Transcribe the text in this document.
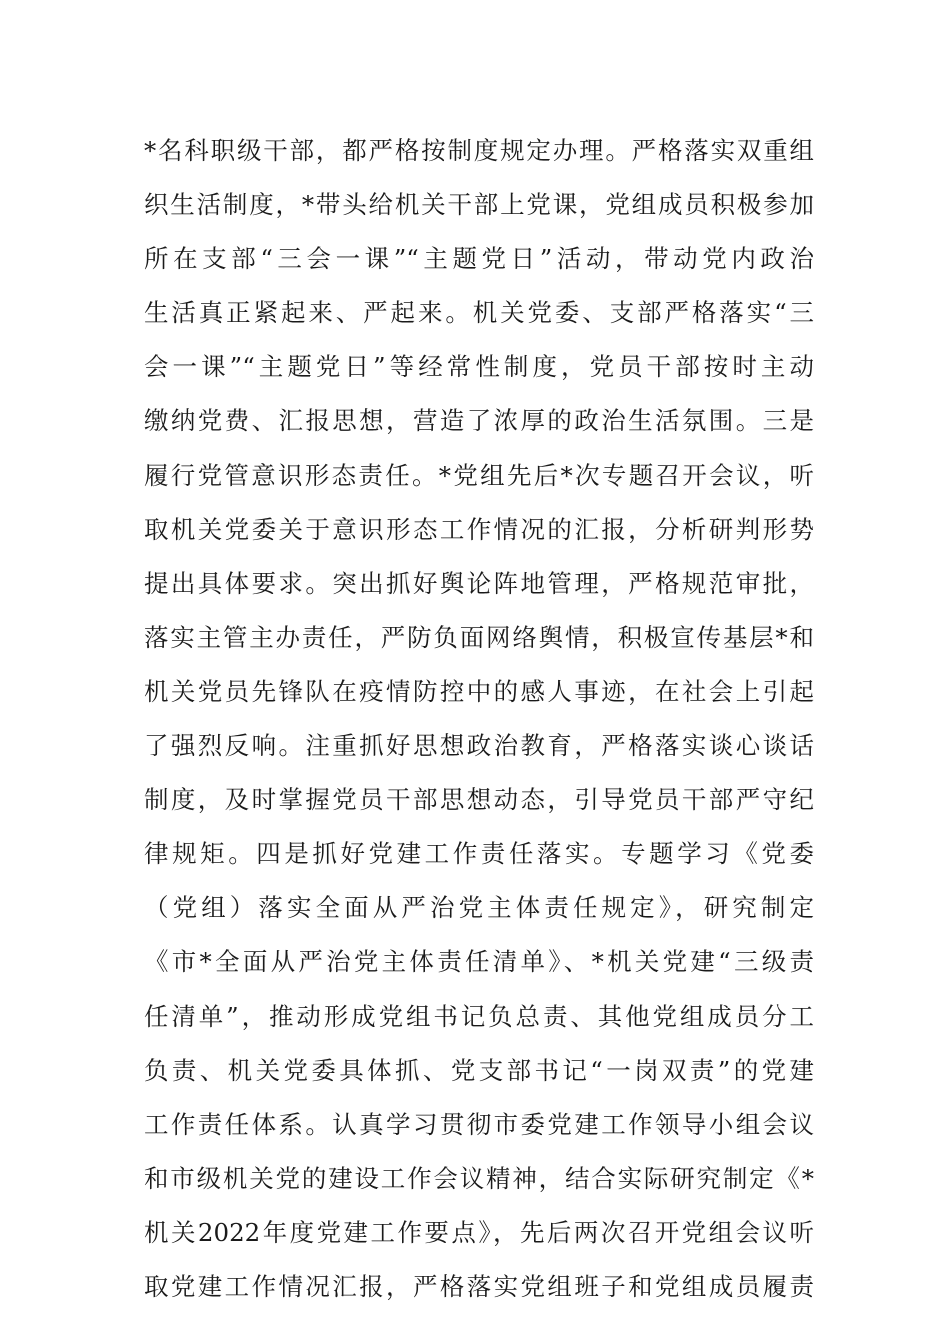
*名科职级干部，都严格按制度规定办理。严格落实双重组
织生活制度，*带头给机关干部上党课，党组成员积极参加
所在支部“三会一课”“主题党日”活动，带动党内政治
生活真正紧起来、严起来。机关党委、支部严格落实“三
会一课”“主题党日”等经常性制度，党员干部按时主动
缴纳党费、汇报思想，营造了浓厚的政治生活氛围。三是
履行党管意识形态责任。*党组先后*次专题召开会议，听
取机关党委关于意识形态工作情况的汇报，分析研判形势
提出具体要求。突出抓好舆论阵地管理，严格规范审批，
落实主管主办责任，严防负面网络舆情，积极宣传基层*和
机关党员先锋队在疫情防控中的感人事迹，在社会上引起
了强烈反响。注重抓好思想政治教育，严格落实谈心谈话
制度，及时掌握党员干部思想动态，引导党员干部严守纪
律规矩。四是抓好党建工作责任落实。专题学习《党委
（党组）落实全面从严治党主体责任规定》，研究制定
《市*全面从严治党主体责任清单》、*机关党建“三级责
任清单”，推动形成党组书记负总责、其他党组成员分工
负责、机关党委具体抓、党支部书记“一岗双责”的党建
工作责任体系。认真学习贯彻市委党建工作领导小组会议
和市级机关党的建设工作会议精神，结合实际研究制定《*
机关2022年度党建工作要点》，先后两次召开党组会议听
取党建工作情况汇报，严格落实党组班子和党组成员履责
